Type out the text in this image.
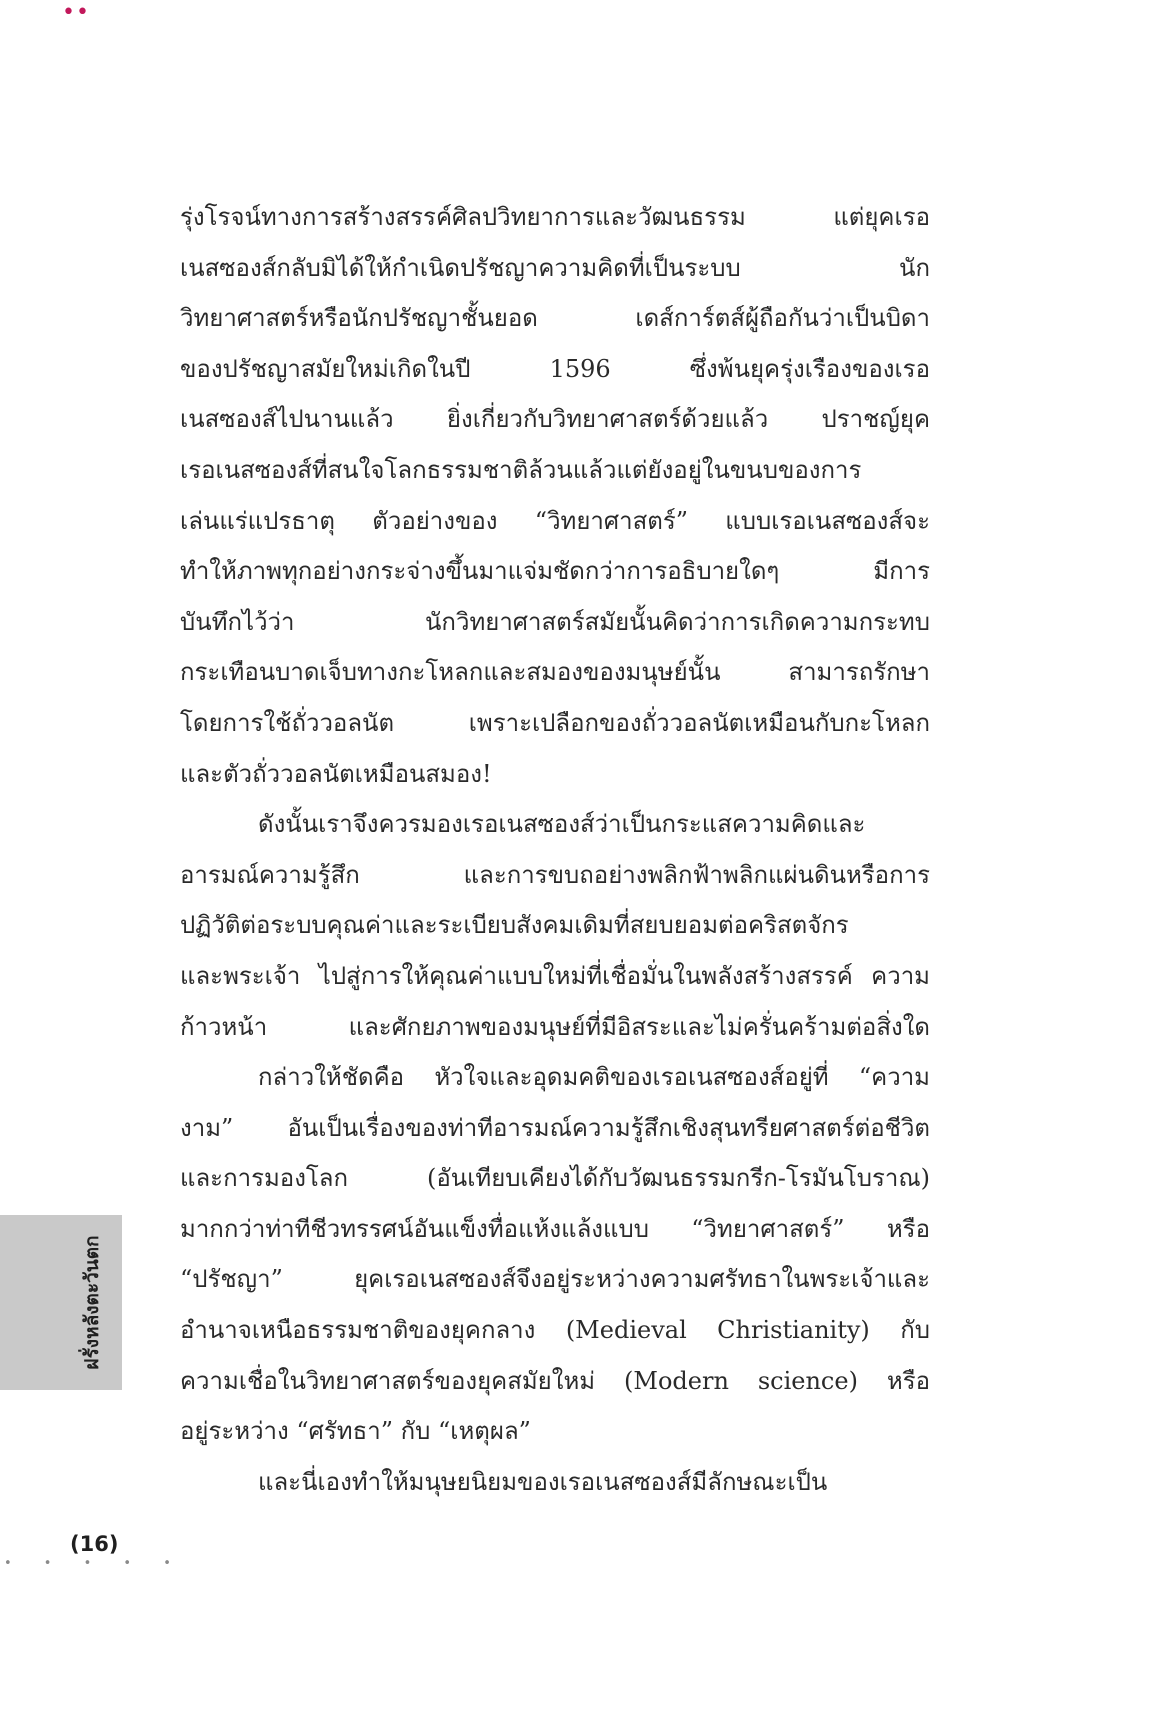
••

รุ่งโรจน์ทางการสร้างสรรค์ศิลปวิทยาการและวัฒนธรรม แต่ยุคเรอ
เนสซองส์กลับมิได้ให้กำเนิดปรัชญาความคิดที่เป็นระบบ นัก
วิทยาศาสตร์หรือนักปรัชญาชั้นยอด เดส์การ์ตส์ผู้ถือกันว่าเป็นบิดา
ของปรัชญาสมัยใหม่เกิดในปี 1596 ซึ่งพ้นยุครุ่งเรืองของเรอ
เนสซองส์ไปนานแล้ว ยิ่งเกี่ยวกับวิทยาศาสตร์ด้วยแล้ว ปราชญ์ยุค
เรอเนสซองส์ที่สนใจโลกธรรมชาติล้วนแล้วแต่ยังอยู่ในขนบของการ
เล่นแร่แปรธาตุ ตัวอย่างของ “วิทยาศาสตร์” แบบเรอเนสซองส์จะ
ทำให้ภาพทุกอย่างกระจ่างขึ้นมาแจ่มชัดกว่าการอธิบายใดๆ มีการ
บันทึกไว้ว่า นักวิทยาศาสตร์สมัยนั้นคิดว่าการเกิดความกระทบ
กระเทือนบาดเจ็บทางกะโหลกและสมองของมนุษย์นั้น สามารถรักษา
โดยการใช้ถั่ววอลนัต เพราะเปลือกของถั่ววอลนัตเหมือนกับกะโหลก
และตัวถั่ววอลนัตเหมือนสมอง!

ดังนั้นเราจึงควรมองเรอเนสซองส์ว่าเป็นกระแสความคิดและ
อารมณ์ความรู้สึก และการขบถอย่างพลิกฟ้าพลิกแผ่นดินหรือการ
ปฏิวัติต่อระบบคุณค่าและระเบียบสังคมเดิมที่สยบยอมต่อคริสตจักร
และพระเจ้า ไปสู่การให้คุณค่าแบบใหม่ที่เชื่อมั่นในพลังสร้างสรรค์ ความ
ก้าวหน้า และศักยภาพของมนุษย์ที่มีอิสระและไม่ครั่นคร้ามต่อสิ่งใด

กล่าวให้ชัดคือ หัวใจและอุดมคติของเรอเนสซองส์อยู่ที่ “ความ
งาม” อันเป็นเรื่องของท่าทีอารมณ์ความรู้สึกเชิงสุนทรียศาสตร์ต่อชีวิต
และการมองโลก (อันเทียบเคียงได้กับวัฒนธรรมกรีก-โรมันโบราณ)
มากกว่าท่าทีชีวทรรศน์อันแข็งทื่อแห้งแล้งแบบ “วิทยาศาสตร์” หรือ
“ปรัชญา” ยุคเรอเนสซองส์จึงอยู่ระหว่างความศรัทธาในพระเจ้าและ
อำนาจเหนือธรรมชาติของยุคกลาง (Medieval Christianity) กับ
ความเชื่อในวิทยาศาสตร์ของยุคสมัยใหม่ (Modern science) หรือ
อยู่ระหว่าง “ศรัทธา” กับ “เหตุผล”

และนี่เองทำให้มนุษยนิยมของเรอเนสซองส์มีลักษณะเป็น

ฝรั่งหลังตะวันตก
(16)
• • • • •
